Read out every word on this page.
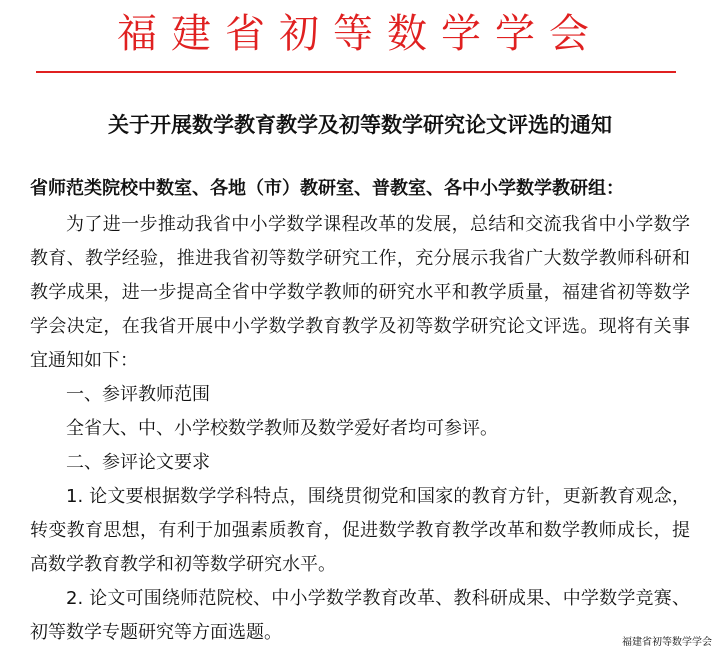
福建省初等数学学会
关于开展数学教育教学及初等数学研究论文评选的通知

省师范类院校中数室、各地（市）教研室、普教室、各中小学数学教研组：

为了进一步推动我省中小学数学课程改革的发展，总结和交流我省中小学数学教育、教学经验，推进我省初等数学研究工作，充分展示我省广大数学教师科研和教学成果，进一步提高全省中学数学教师的研究水平和教学质量，福建省初等数学学会决定，在我省开展中小学数学教育教学及初等数学研究论文评选。现将有关事宜通知如下：

一、参评教师范围

全省大、中、小学校数学教师及数学爱好者均可参评。

二、参评论文要求

1. 论文要根据数学学科特点，围绕贯彻党和国家的教育方针，更新教育观念，转变教育思想，有利于加强素质教育，促进数学教育教学改革和数学教师成长，提高数学教育教学和初等数学研究水平。

2. 论文可围绕师范院校、中小学数学教育改革、教科研成果、中学数学竞赛、初等数学专题研究等方面选题。	福建省初等数学学会
